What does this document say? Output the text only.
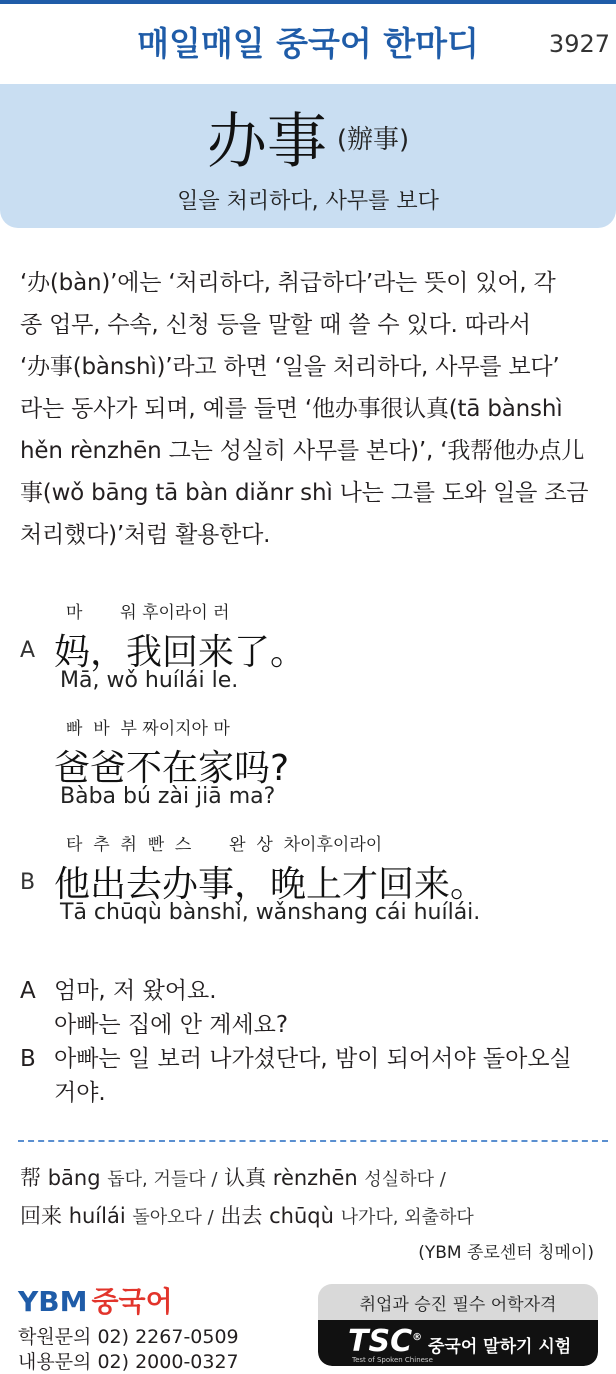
매일매일 중국어 한마디	3927
办事 (辦事)
일을 처리하다, 사무를 보다

‘办(bàn)’에는 ‘처리하다, 취급하다’라는 뜻이 있어, 각

종 업무, 수속, 신청 등을 말할 때 쓸 수 있다. 따라서

‘办事(bànshì)’라고 하면 ‘일을 처리하다, 사무를 보다’

라는 동사가 되며, 예를 들면 ‘他办事很认真(tā bànshì

hěn rènzhēn 그는 성실히 사무를 본다)’, ‘我帮他办点儿

事(wǒ bāng tā bàn diǎnr shì 나는 그를 도와 일을 조금

처리했다)’처럼 활용한다.

마       워 후이라이 러
A 妈，我回来了。
Mā, wǒ huílái le.
빠  바  부 짜이지아 마
爸爸不在家吗?
Bàba bú zài jiā ma?
타  추  취  빤  스       완  상  차이후이라이
B 他出去办事，晚上才回来。
Tā chūqù bànshì, wǎnshang cái huílái.
A 엄마, 저 왔어요.
아빠는 집에 안 계세요?
B 아빠는 일 보러 나가셨단다, 밤이 되어서야 돌아오실
거야.
帮 bāng 돕다, 거들다 / 认真 rènzhēn 성실하다 /
回来 huílái 돌아오다 / 出去 chūqù 나가다, 외출하다
(YBM 종로센터 칭메이)
YBM 중국어
학원문의 02) 2267-0509
내용문의 02) 2000-0327
취업과 승진 필수 어학자격
TSC®
Test of Spoken Chinese
중국어 말하기 시험
